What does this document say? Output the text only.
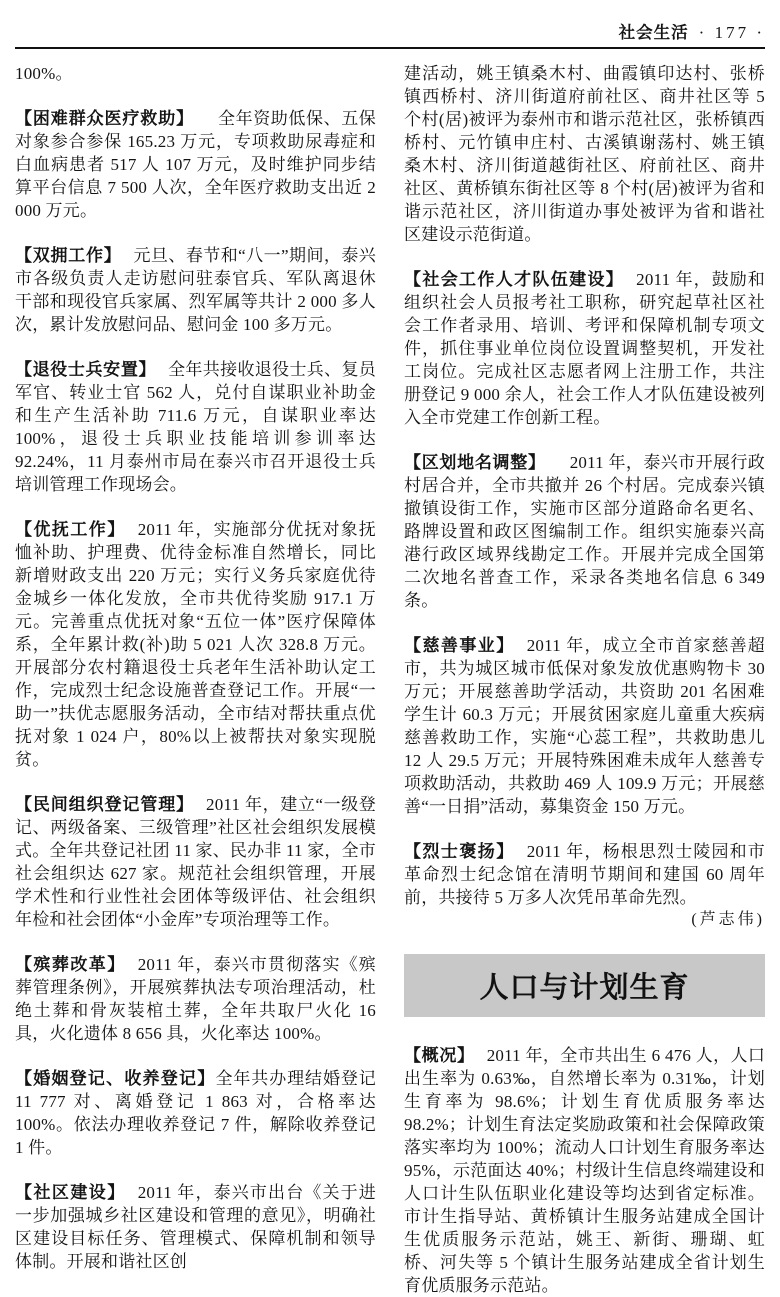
社会生活 · 177 ·

100%。

【困难群众医疗救助】 全年资助低保、五保对象参合参保 165.23 万元，专项救助尿毒症和白血病患者 517 人 107 万元，及时维护同步结算平台信息 7 500 人次，全年医疗救助支出近 2 000 万元。

【双拥工作】 元旦、春节和“八一”期间，泰兴市各级负责人走访慰问驻泰官兵、军队离退休干部和现役官兵家属、烈军属等共计 2 000 多人次，累计发放慰问品、慰问金 100 多万元。

【退役士兵安置】 全年共接收退役士兵、复员军官、转业士官 562 人，兑付自谋职业补助金和生产生活补助 711.6 万元，自谋职业率达 100%，退役士兵职业技能培训参训率达 92.24%，11 月泰州市局在泰兴市召开退役士兵培训管理工作现场会。

【优抚工作】 2011 年，实施部分优抚对象抚恤补助、护理费、优待金标准自然增长，同比新增财政支出 220 万元；实行义务兵家庭优待金城乡一体化发放，全市共优待奖励 917.1 万元。完善重点优抚对象“五位一体”医疗保障体系，全年累计救(补)助 5 021 人次 328.8 万元。开展部分农村籍退役士兵老年生活补助认定工作，完成烈士纪念设施普查登记工作。开展“一助一”扶优志愿服务活动，全市结对帮扶重点优抚对象 1 024 户，80%以上被帮扶对象实现脱贫。

【民间组织登记管理】 2011 年，建立“一级登记、两级备案、三级管理”社区社会组织发展模式。全年共登记社团 11 家、民办非 11 家，全市社会组织达 627 家。规范社会组织管理，开展学术性和行业性社会团体等级评估、社会组织年检和社会团体“小金库”专项治理等工作。

【殡葬改革】 2011 年，泰兴市贯彻落实《殡葬管理条例》，开展殡葬执法专项治理活动，杜绝土葬和骨灰装棺土葬，全年共取尸火化 16 具，火化遗体 8 656 具，火化率达 100%。

【婚姻登记、收养登记】全年共办理结婚登记 11 777 对、离婚登记 1 863 对，合格率达 100%。依法办理收养登记 7 件，解除收养登记 1 件。

【社区建设】 2011 年，泰兴市出台《关于进一步加强城乡社区建设和管理的意见》，明确社区建设目标任务、管理模式、保障机制和领导体制。开展和谐社区创

建活动，姚王镇桑木村、曲霞镇印达村、张桥镇西桥村、济川街道府前社区、商井社区等 5 个村(居)被评为泰州市和谐示范社区，张桥镇西桥村、元竹镇申庄村、古溪镇谢荡村、姚王镇桑木村、济川街道越街社区、府前社区、商井社区、黄桥镇东街社区等 8 个村(居)被评为省和谐示范社区，济川街道办事处被评为省和谐社区建设示范街道。

【社会工作人才队伍建设】 2011 年，鼓励和组织社会人员报考社工职称，研究起草社区社会工作者录用、培训、考评和保障机制专项文件，抓住事业单位岗位设置调整契机，开发社工岗位。完成社区志愿者网上注册工作，共注册登记 9 000 余人，社会工作人才队伍建设被列入全市党建工作创新工程。

【区划地名调整】 2011 年，泰兴市开展行政村居合并，全市共撤并 26 个村居。完成泰兴镇撤镇设街工作，实施市区部分道路命名更名、路牌设置和政区图编制工作。组织实施泰兴高港行政区域界线勘定工作。开展并完成全国第二次地名普查工作，采录各类地名信息 6 349 条。

【慈善事业】 2011 年，成立全市首家慈善超市，共为城区城市低保对象发放优惠购物卡 30 万元；开展慈善助学活动，共资助 201 名困难学生计 60.3 万元；开展贫困家庭儿童重大疾病慈善救助工作，实施“心蕊工程”，共救助患儿 12 人 29.5 万元；开展特殊困难未成年人慈善专项救助活动，共救助 469 人 109.9 万元；开展慈善“一日捐”活动，募集资金 150 万元。

【烈士褒扬】 2011 年，杨根思烈士陵园和市革命烈士纪念馆在清明节期间和建国 60 周年前，共接待 5 万多人次凭吊革命先烈。

(芦志伟)
人口与计划生育

【概况】 2011 年，全市共出生 6 476 人，人口出生率为 0.63‰，自然增长率为 0.31‰，计划生育率为 98.6%；计划生育优质服务率达 98.2%；计划生育法定奖励政策和社会保障政策落实率均为 100%；流动人口计划生育服务率达 95%，示范面达 40%；村级计生信息终端建设和人口计生队伍职业化建设等均达到省定标准。市计生指导站、黄桥镇计生服务站建成全国计生优质服务示范站，姚王、新街、珊瑚、虹桥、河失等 5 个镇计生服务站建成全省计划生育优质服务示范站。
